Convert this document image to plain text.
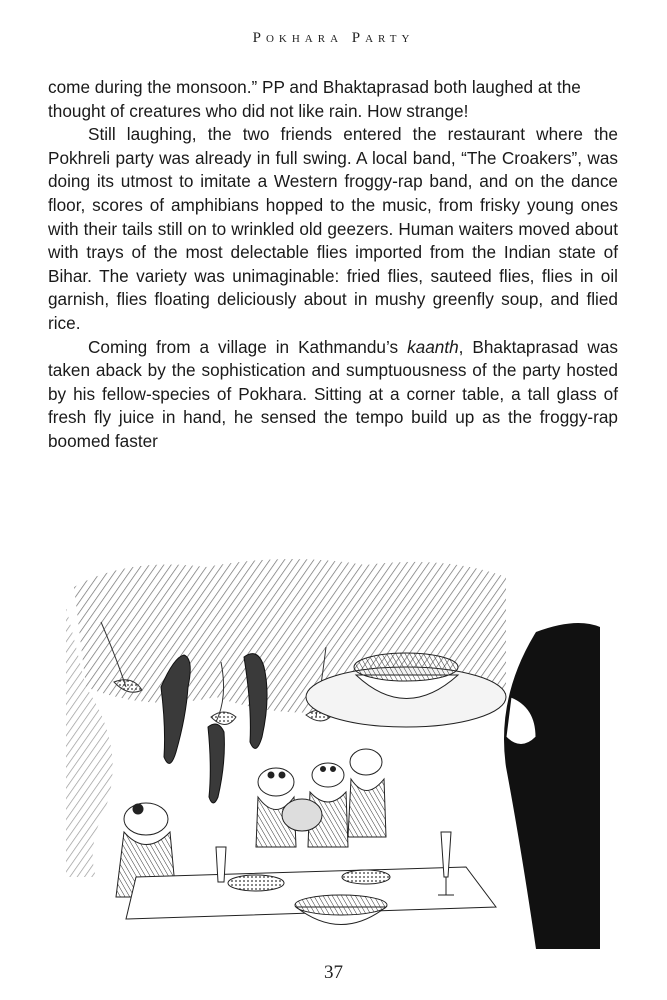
Pokhara Party

come during the monsoon.” PP and Bhaktaprasad both laughed at the thought of creatures who did not like rain. How strange!

Still laughing, the two friends entered the restaurant where the Pokhreli party was already in full swing. A local band, “The Croakers”, was doing its utmost to imitate a Western froggy-rap band, and on the dance floor, scores of amphibians hopped to the music, from frisky young ones with their tails still on to wrinkled old geezers. Human waiters moved about with trays of the most delectable flies imported from the Indian state of Bihar. The variety was unimaginable: fried flies, sauteed flies, flies in oil garnish, flies floating deliciously about in mushy greenfly soup, and flied rice.

Coming from a village in Kathmandu’s kaanth, Bhaktaprasad was taken aback by the sophistication and sumptuousness of the party hosted by his fellow-species of Pokhara. Sitting at a corner table, a tall glass of fresh fly juice in hand, he sensed the tempo build up as the froggy-rap boomed faster

37
